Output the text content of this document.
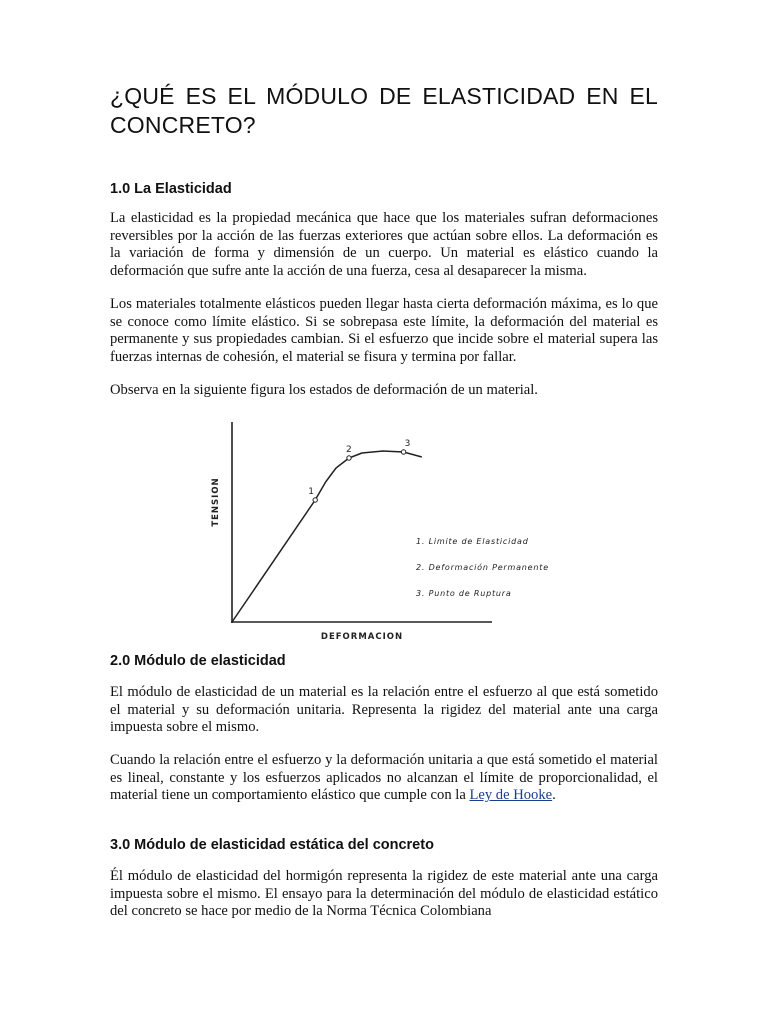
¿QUÉ ES EL MÓDULO DE ELASTICIDAD EN EL CONCRETO?
1.0 La Elasticidad

La elasticidad es la propiedad mecánica que hace que los materiales sufran deformaciones reversibles por la acción de las fuerzas exteriores que actúan sobre ellos. La deformación es la variación de forma y dimensión de un cuerpo. Un material es elástico cuando la deformación que sufre ante la acción de una fuerza, cesa al desaparecer la misma.

Los materiales totalmente elásticos pueden llegar hasta cierta deformación máxima, es lo que se conoce como límite elástico. Si se sobrepasa este límite, la deformación del material es permanente y sus propiedades cambian. Si el esfuerzo que incide sobre el material supera las fuerzas internas de cohesión, el material se fisura y termina por fallar.

Observa en la siguiente figura los estados de deformación de un material.

1
2
3
DEFORMACION
TENSION
1. Limite de Elasticidad
2. Deformación Permanente
3. Punto de Ruptura
2.0 Módulo de elasticidad

El módulo de elasticidad de un material es la relación entre el esfuerzo al que está sometido el material y su deformación unitaria. Representa la rigidez del material ante una carga impuesta sobre el mismo.

Cuando la relación entre el esfuerzo y la deformación unitaria a que está sometido el material es lineal, constante y los esfuerzos aplicados no alcanzan el límite de proporcionalidad, el material tiene un comportamiento elástico que cumple con la Ley de Hooke.

3.0 Módulo de elasticidad estática del concreto

Él módulo de elasticidad del hormigón representa la rigidez de este material ante una carga impuesta sobre el mismo. El ensayo para la determinación del módulo de elasticidad estático del concreto se hace por medio de la Norma Técnica Colombiana
